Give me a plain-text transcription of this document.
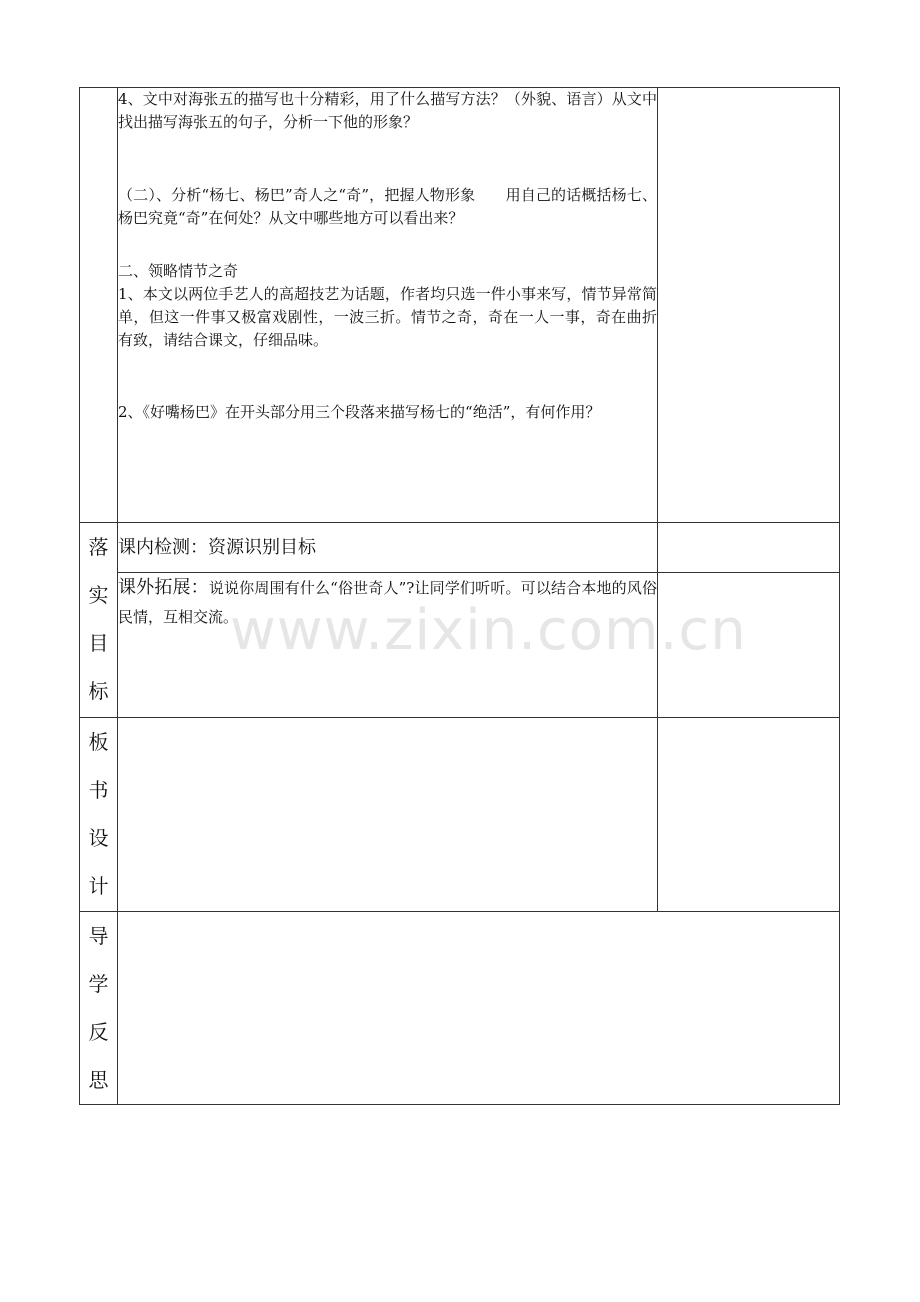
	4、文中对海张五的描写也十分精彩，用了什么描写方法？（外貌、语言）从文中找出描写海张五的句子，分析一下他的形象？

（二）、分析“杨七、杨巴”奇人之“奇”，把握人物形象　　用自己的话概括杨七、杨巴究竟“奇”在何处？从文中哪些地方可以看出来？

二、领略情节之奇

1、本文以两位手艺人的高超技艺为话题，作者均只选一件小事来写，情节异常简单，但这一件事又极富戏剧性，一波三折。情节之奇，奇在一人一事，奇在曲折有致，请结合课文，仔细品味。

2、《好嘴杨巴》在开头部分用三个段落来描写杨七的“绝活”，有何作用？	

落
实
目
标	课内检测：资源识别目标	

	课外拓展：说说你周围有什么“俗世奇人”?让同学们听听。可以结合本地的风俗民情，互相交流。	

板
书
设
计		

导
学
反
思		

www.zixin.com.cn
